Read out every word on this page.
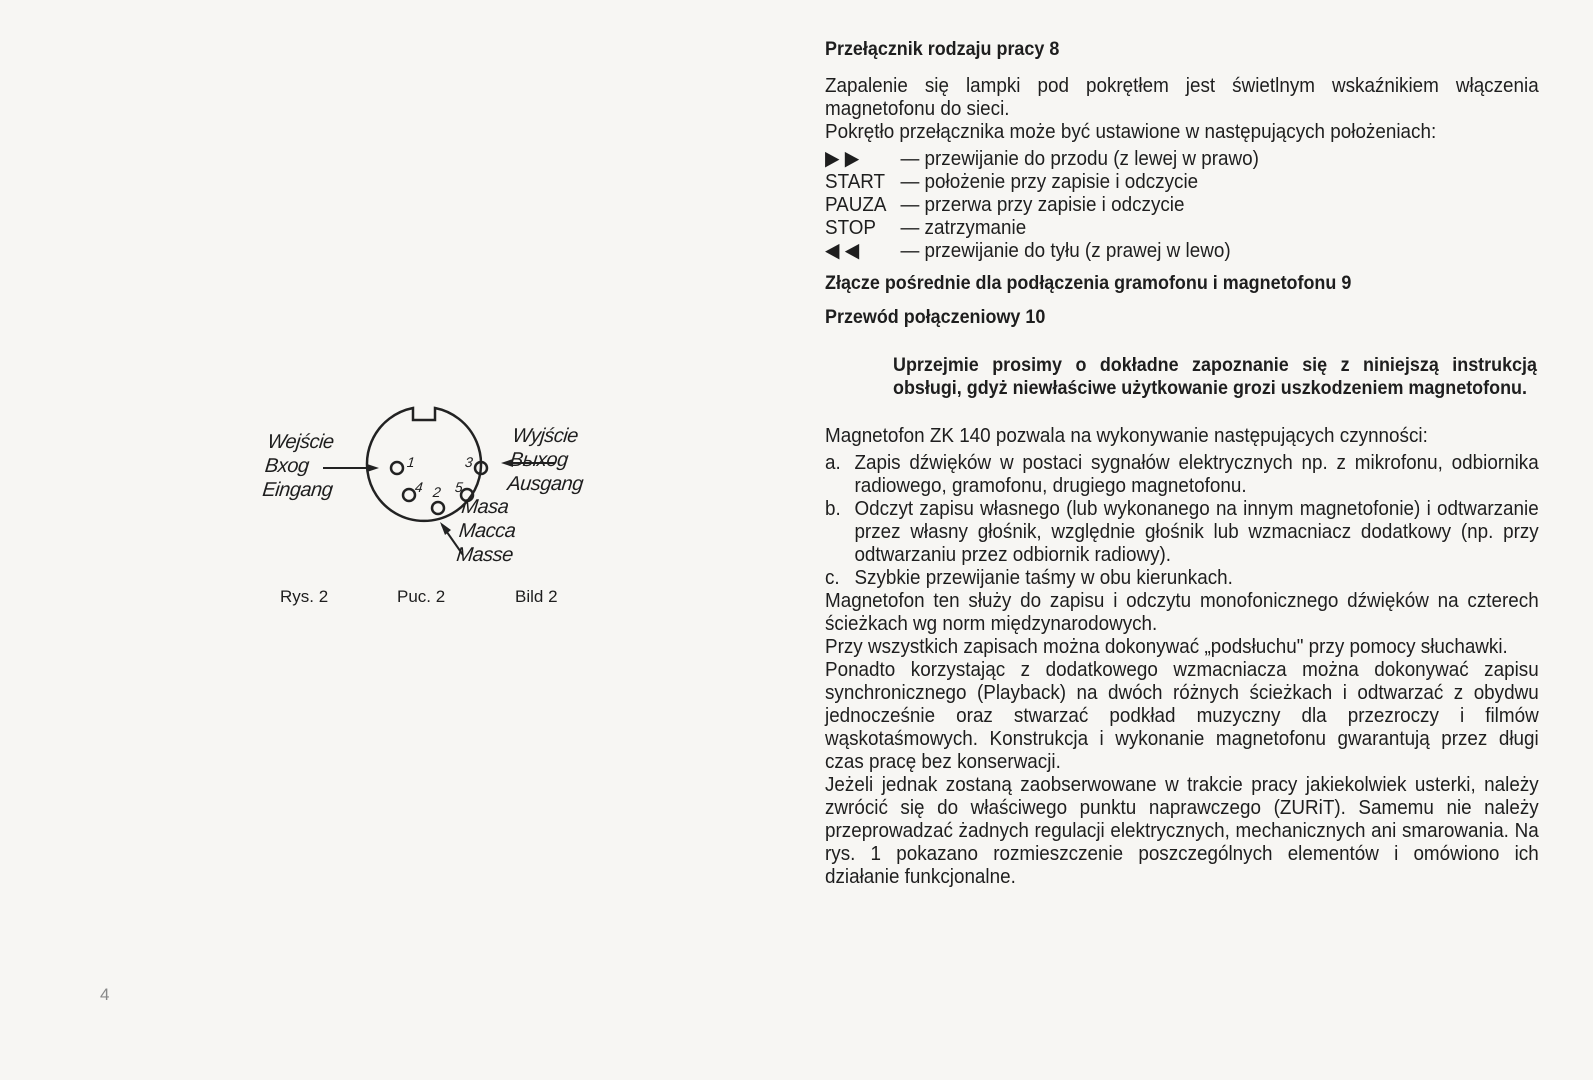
1
2
3
4 5
Wejście
Bxog
Eingang
Wyjście
Bыxog
Ausgang
Masa
Macca
Masse
Rys. 2	Puc. 2	Bild 2
4
Przełącznik rodzaju pracy 8

Zapalenie się lampki pod pokrętłem jest świetlnym wskaźnikiem włączenia magnetofonu do sieci.

Pokrętło przełącznika może być ustawione w następujących położeniach:

▶ ▶	— przewijanie do przodu (z lewej w prawo)
START — położenie przy zapisie i odczycie
PAUZA — przerwa przy zapisie i odczycie
STOP	— zatrzymanie
◀ ◀	— przewijanie do tyłu (z prawej w lewo)
Złącze pośrednie dla podłączenia gramofonu i magnetofonu 9
Przewód połączeniowy 10
Uprzejmie prosimy o dokładne zapoznanie się z niniejszą instrukcją obsługi, gdyż niewłaściwe użytkowanie grozi uszkodzeniem magnetofonu.

Magnetofon ZK 140 pozwala na wykonywanie następujących czynności:

a. Zapis dźwięków w postaci sygnałów elektrycznych np. z mikrofonu, odbiornika radiowego, gramofonu, drugiego magnetofonu.
b. Odczyt zapisu własnego (lub wykonanego na innym magnetofonie) i odtwarzanie przez własny głośnik, względnie głośnik lub wzmacniacz dodatkowy (np. przy odtwarzaniu przez odbiornik radiowy).
c. Szybkie przewijanie taśmy w obu kierunkach.

Magnetofon ten służy do zapisu i odczytu monofonicznego dźwięków na czterech ścieżkach wg norm międzynarodowych.

Przy wszystkich zapisach można dokonywać „podsłuchu" przy pomocy słuchawki.

Ponadto korzystając z dodatkowego wzmacniacza można dokonywać zapisu synchronicznego (Playback) na dwóch różnych ścieżkach i odtwarzać z obydwu jednocześnie oraz stwarzać podkład muzyczny dla przezroczy i filmów wąskotaśmowych. Konstrukcja i wykonanie magnetofonu gwarantują przez długi czas pracę bez konserwacji.

Jeżeli jednak zostaną zaobserwowane w trakcie pracy jakiekolwiek usterki, należy zwrócić się do właściwego punktu naprawczego (ZURiT). Samemu nie należy przeprowadzać żadnych regulacji elektrycznych, mechanicznych ani smarowania. Na rys. 1 pokazano rozmieszczenie poszczególnych elementów i omówiono ich działanie funkcjonalne.
